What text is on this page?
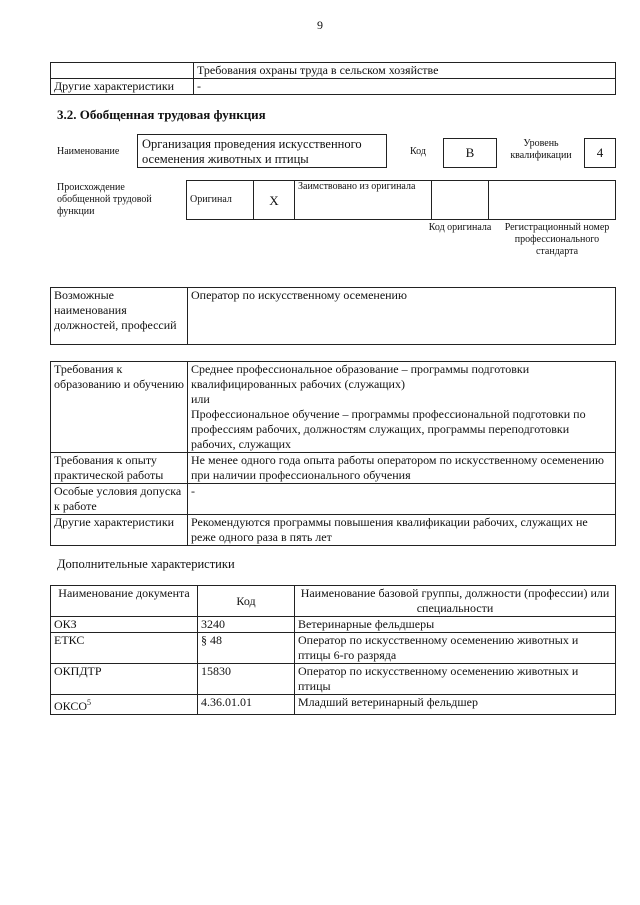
9
	Требования охраны труда в сельском хозяйстве
Другие характеристики	-
3.2. Обобщенная трудовая функция
Наименование
Организация проведения искусственного осеменения животных и птицы
Код	B
Уровень квалификации	4
Происхождение обобщенной трудовой функции
Оригинал	X	Заимствовано из оригинала		
Код оригинала Регистрационный номер профессионального стандарта
Возможные наименования должностей, профессий	Оператор по искусственному осеменению
Требования к образованию и обучению	Среднее профессиональное образование – программы подготовки квалифицированных рабочих (служащих)
или
Профессиональное обучение – программы профессиональной подготовки по профессиям рабочих, должностям служащих, программы переподготовки рабочих, служащих
Требования к опыту практической работы	Не менее одного года опыта работы оператором по искусственному осеменению при наличии профессионального обучения
Особые условия допуска к работе	-
Другие характеристики	Рекомендуются программы повышения квалификации рабочих, служащих не реже одного раза в пять лет
Дополнительные характеристики
Наименование документа	Код	Наименование базовой группы, должности (профессии) или специальности
ОКЗ	3240	Ветеринарные фельдшеры
ЕТКС	§ 48	Оператор по искусственному осеменению животных и птицы 6-го разряда
ОКПДТР	15830	Оператор по искусственному осеменению животных и птицы
ОКСО$^5$	4.36.01.01	Младший ветеринарный фельдшер
